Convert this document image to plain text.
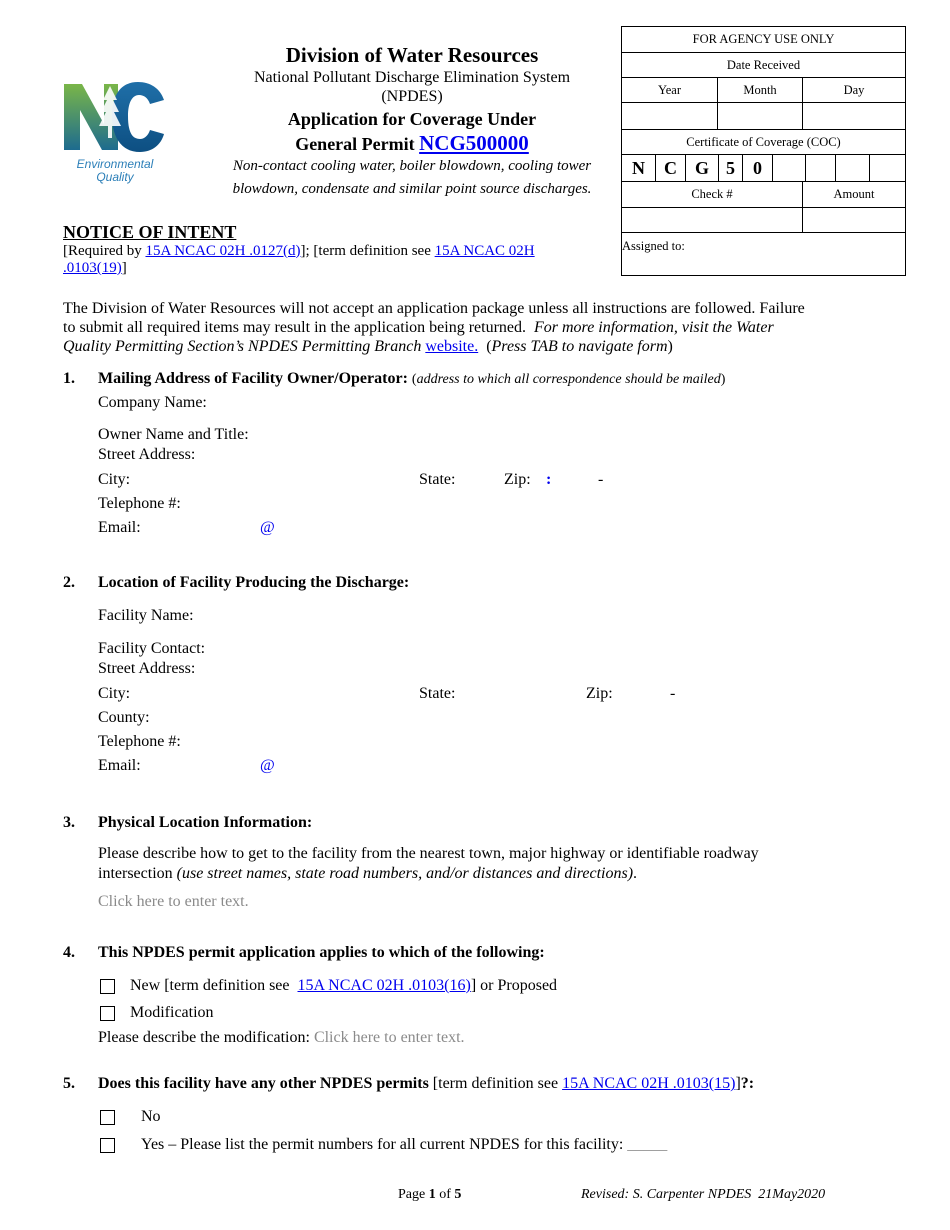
Environmental
Quality
Division of Water Resources
National Pollutant Discharge Elimination System
(NPDES)
Application for Coverage Under
General Permit NCG500000
Non-contact cooling water, boiler blowdown, cooling tower
blowdown, condensate and similar point source discharges.
FOR AGENCY USE ONLY
Date Received
Year	Month	Day
Certificate of Coverage (COC)
N	C G 5	0
Check #	Amount
Assigned to:
NOTICE OF INTENT
[Required by 15A NCAC 02H .0127(d)]; [term definition see 15A NCAC 02H
.0103(19)]
The Division of Water Resources will not accept an application package unless all instructions are followed. Failure
to submit all required items may result in the application being returned. For more information, visit the Water
Quality Permitting Section’s NPDES Permitting Branch website. (Press TAB to navigate form)
1. Mailing Address of Facility Owner/Operator: (address to which all correspondence should be mailed)
Company Name:
Owner Name and Title:
Street Address:
City:	State:	Zip: :	-
Telephone #:
Email:	@
2. Location of Facility Producing the Discharge:
Facility Name:
Facility Contact:
Street Address:
City:	State:	Zip:	-
County:
Telephone #:
Email:	@
3. Physical Location Information:
Please describe how to get to the facility from the nearest town, major highway or identifiable roadway
intersection (use street names, state road numbers, and/or distances and directions).
Click here to enter text.
4. This NPDES permit application applies to which of the following:
New [term definition see 15A NCAC 02H .0103(16)] or Proposed
Modification
Please describe the modification: Click here to enter text.
5. Does this facility have any other NPDES permits [term definition see 15A NCAC 02H .0103(15)]?:
No
Yes – Please list the permit numbers for all current NPDES for this facility: _____
Page 1 of 5	Revised: S. Carpenter NPDES  21May2020
